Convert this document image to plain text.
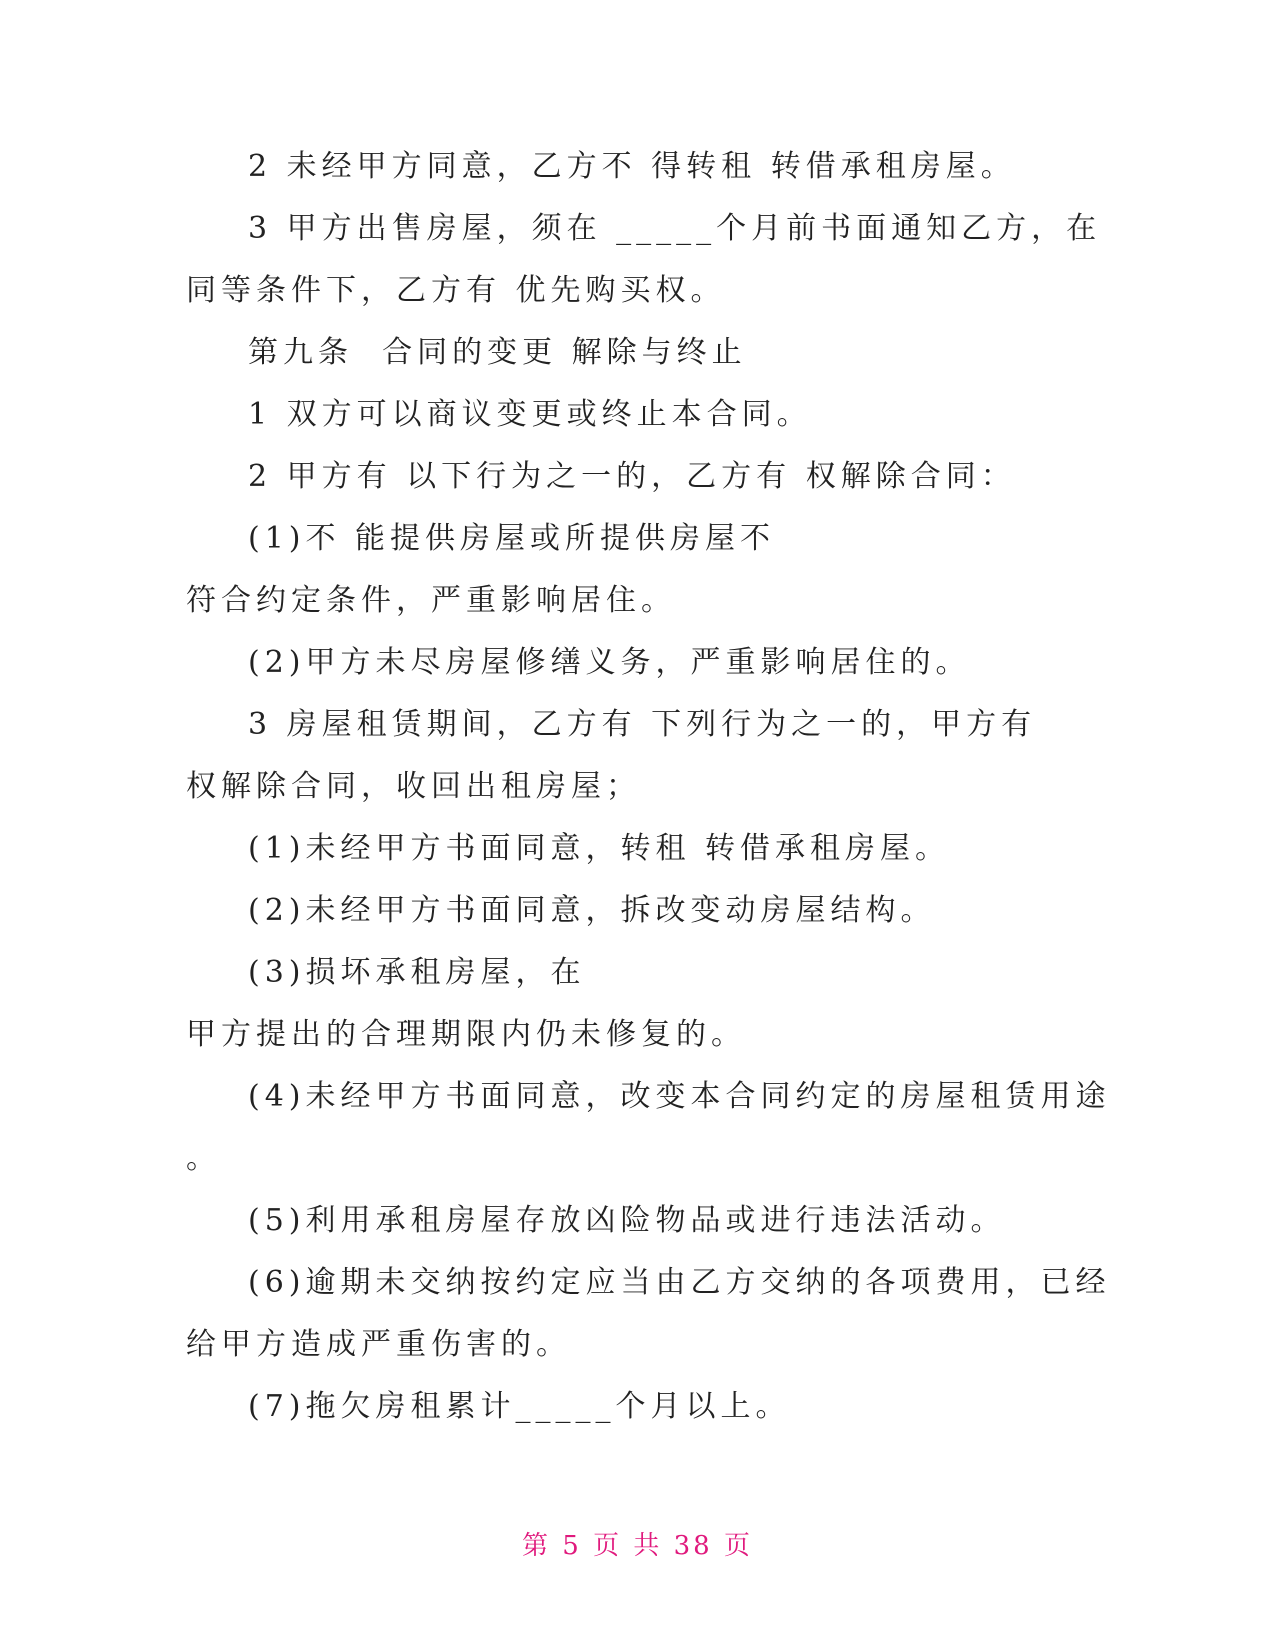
2 未经甲方同意，乙方不 得转租 转借承租房屋。
3 甲方出售房屋，须在 _____个月前书面通知乙方，在
同等条件下，乙方有 优先购买权。
第九条  合同的变更 解除与终止
1 双方可以商议变更或终止本合同。
2 甲方有 以下行为之一的，乙方有 权解除合同：
(1)不 能提供房屋或所提供房屋不
符合约定条件，严重影响居住。
(2)甲方未尽房屋修缮义务，严重影响居住的。
3 房屋租赁期间，乙方有 下列行为之一的，甲方有
权解除合同，收回出租房屋；
(1)未经甲方书面同意，转租 转借承租房屋。
(2)未经甲方书面同意，拆改变动房屋结构。
(3)损坏承租房屋，在
甲方提出的合理期限内仍未修复的。
(4)未经甲方书面同意，改变本合同约定的房屋租赁用途
。
(5)利用承租房屋存放凶险物品或进行违法活动。
(6)逾期未交纳按约定应当由乙方交纳的各项费用，已经
给甲方造成严重伤害的。
(7)拖欠房租累计_____个月以上。
第 5 页 共 38 页
